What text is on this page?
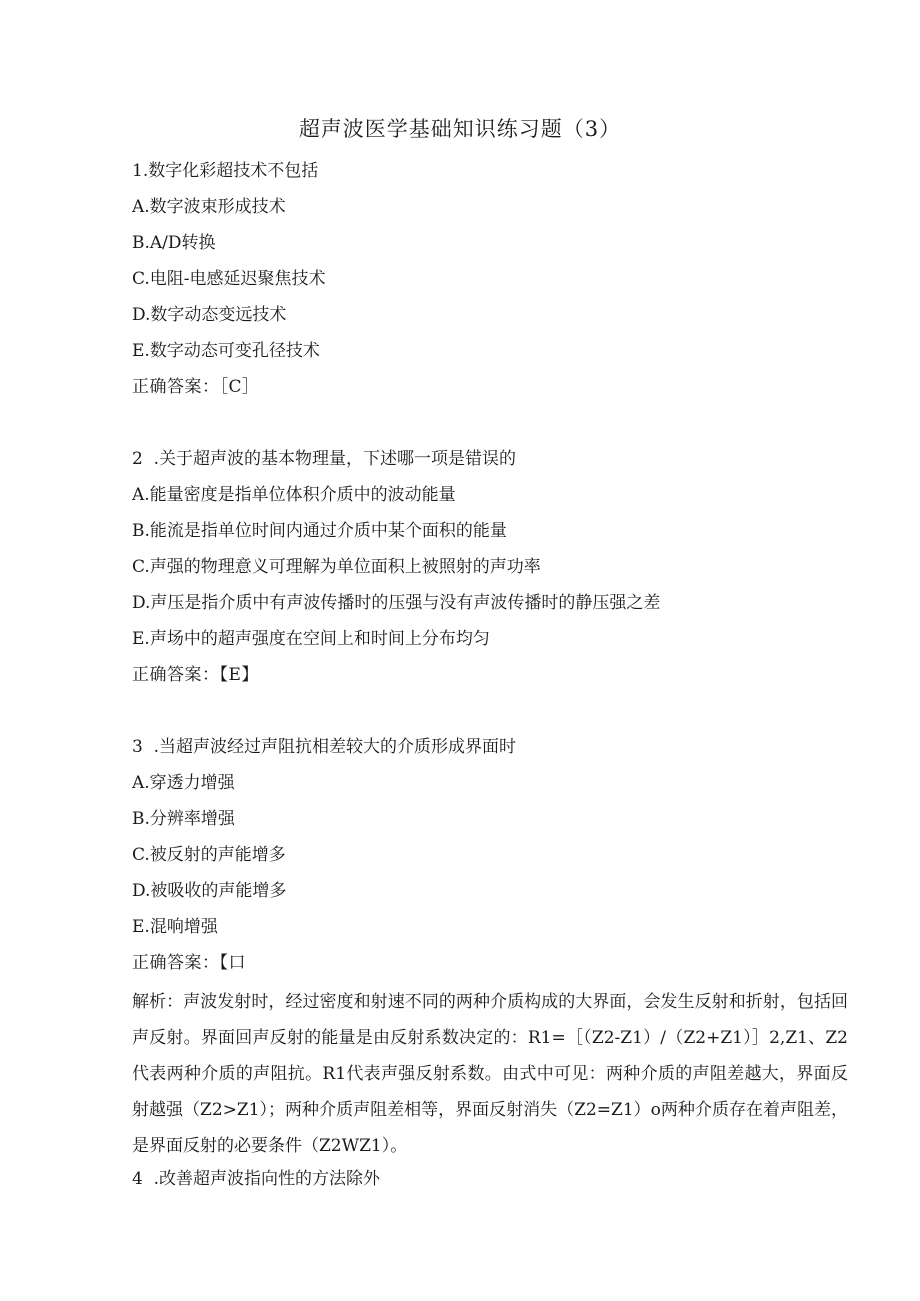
超声波医学基础知识练习题（3）
1.数字化彩超技术不包括
A.数字波束形成技术
B.A/D转换
C.电阻-电感延迟聚焦技术
D.数字动态变远技术
E.数字动态可变孔径技术
正确答案：［C］
2  .关于超声波的基本物理量，下述哪一项是错误的
A.能量密度是指单位体积介质中的波动能量
B.能流是指单位时间内通过介质中某个面积的能量
C.声强的物理意义可理解为单位面积上被照射的声功率
D.声压是指介质中有声波传播时的压强与没有声波传播时的静压强之差
E.声场中的超声强度在空间上和时间上分布均匀
正确答案：【E】
3  .当超声波经过声阻抗相差较大的介质形成界面时
A.穿透力增强
B.分辨率增强
C.被反射的声能增多
D.被吸收的声能增多
E.混响增强
正确答案：【口
解析：声波发射时，经过密度和射速不同的两种介质构成的大界面，会发生反射和折射，包括回声反射。界面回声反射的能量是由反射系数决定的：R1=［（Z2-Z1）/（Z2+Z1）］2,Z1、Z2代表两种介质的声阻抗。R1代表声强反射系数。由式中可见：两种介质的声阻差越大，界面反射越强（Z2>Z1）；两种介质声阻差相等，界面反射消失（Z2=Z1）o两种介质存在着声阻差，是界面反射的必要条件（Z2WZ1）。
4  .改善超声波指向性的方法除外
